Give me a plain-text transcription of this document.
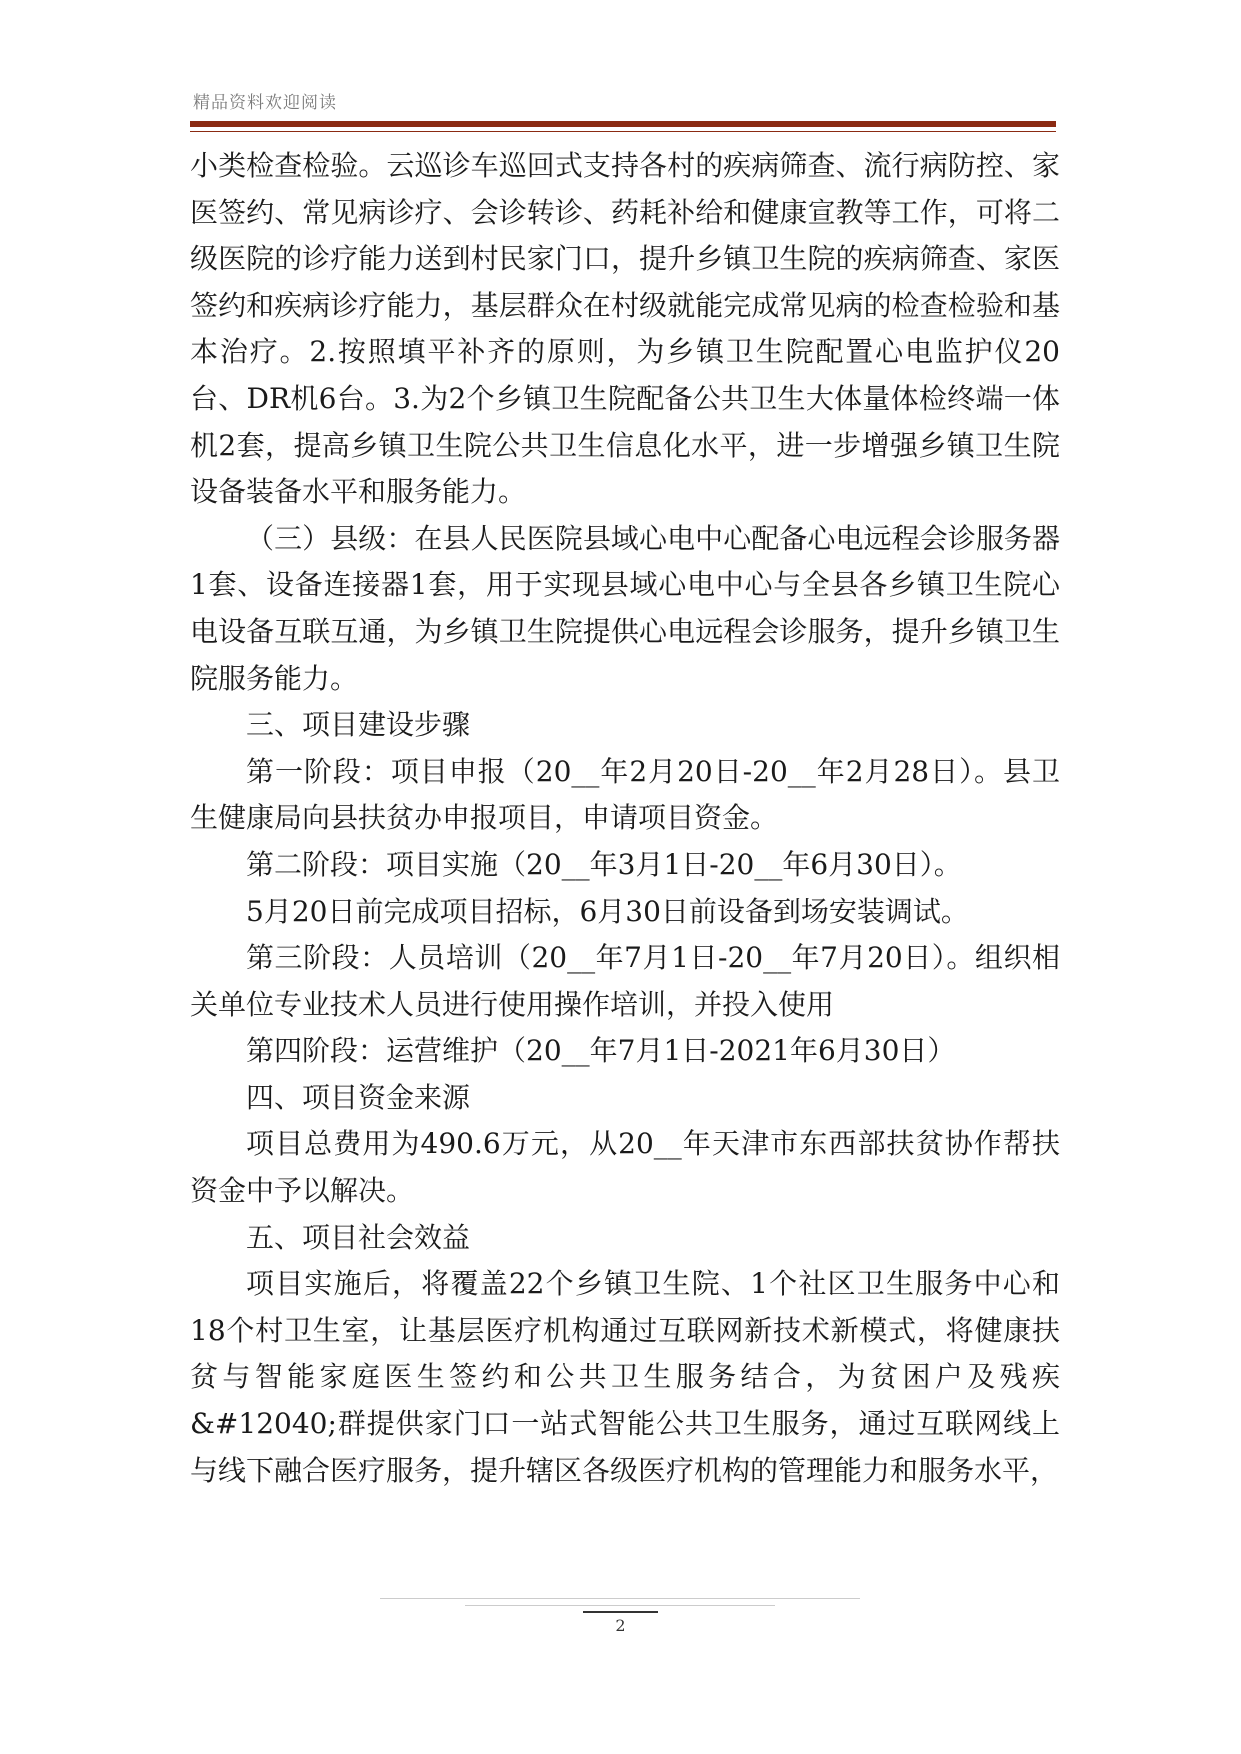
精品资料欢迎阅读

小类检查检验。云巡诊车巡回式支持各村的疾病筛查、流行病防控、家医签约、常见病诊疗、会诊转诊、药耗补给和健康宣教等工作，可将二级医院的诊疗能力送到村民家门口，提升乡镇卫生院的疾病筛查、家医签约和疾病诊疗能力，基层群众在村级就能完成常见病的检查检验和基本治疗。2.按照填平补齐的原则，为乡镇卫生院配置心电监护仪20台、DR机6台。3.为2个乡镇卫生院配备公共卫生大体量体检终端一体机2套，提高乡镇卫生院公共卫生信息化水平，进一步增强乡镇卫生院设备装备水平和服务能力。

（三）县级：在县人民医院县域心电中心配备心电远程会诊服务器1套、设备连接器1套，用于实现县域心电中心与全县各乡镇卫生院心电设备互联互通，为乡镇卫生院提供心电远程会诊服务，提升乡镇卫生院服务能力。

三、项目建设步骤

第一阶段：项目申报（20__年2月20日-20__年2月28日）。县卫生健康局向县扶贫办申报项目，申请项目资金。

第二阶段：项目实施（20__年3月1日-20__年6月30日）。

5月20日前完成项目招标，6月30日前设备到场安装调试。

第三阶段：人员培训（20__年7月1日-20__年7月20日）。组织相关单位专业技术人员进行使用操作培训，并投入使用

第四阶段：运营维护（20__年7月1日-2021年6月30日）

四、项目资金来源

项目总费用为490.6万元，从20__年天津市东西部扶贫协作帮扶资金中予以解决。

五、项目社会效益

项目实施后，将覆盖22个乡镇卫生院、1个社区卫生服务中心和18个村卫生室，让基层医疗机构通过互联网新技术新模式，将健康扶贫与智能家庭医生签约和公共卫生服务结合，为贫困户及残疾&#12040;群提供家门口一站式智能公共卫生服务，通过互联网线上与线下融合医疗服务，提升辖区各级医疗机构的管理能力和服务水平，

2
